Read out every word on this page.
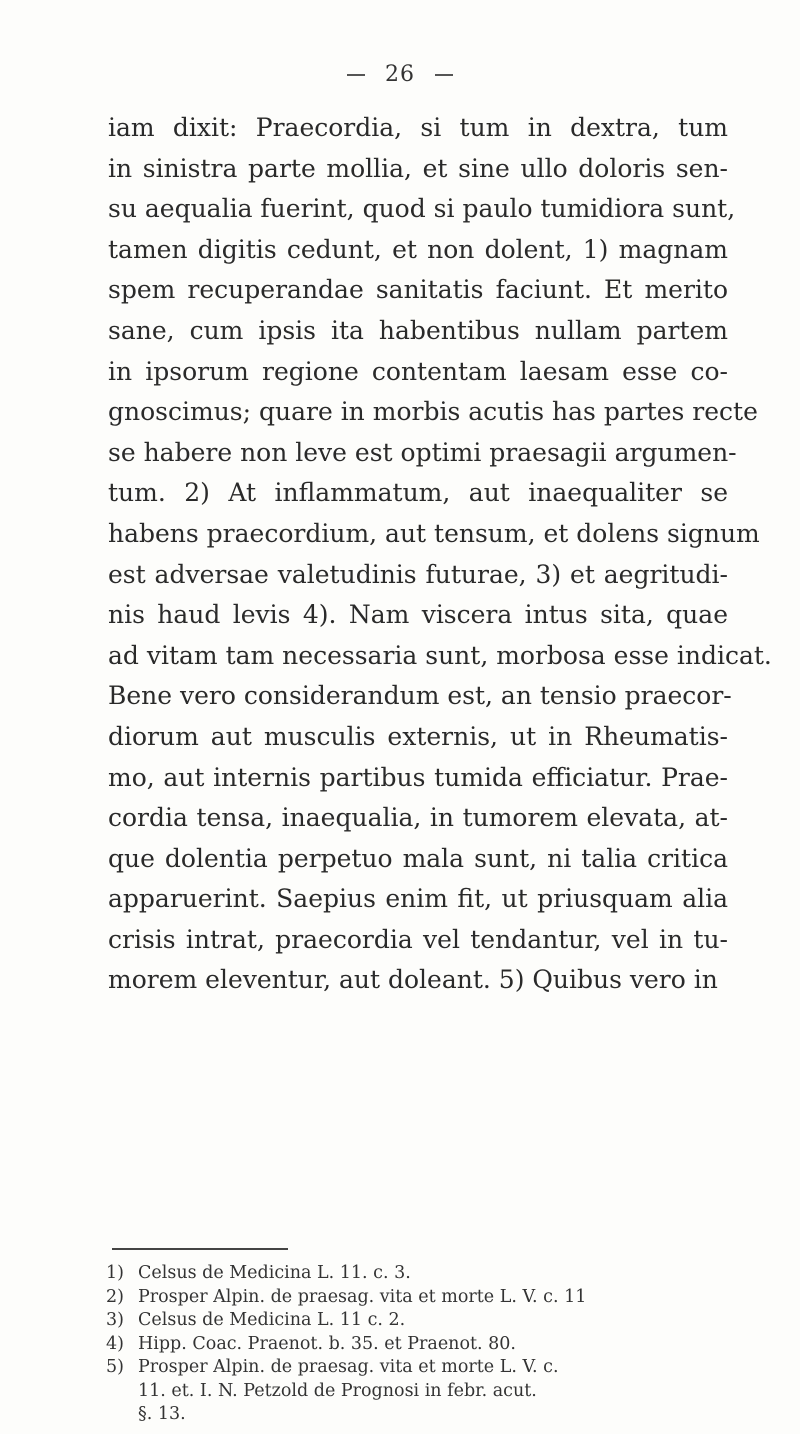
26
iam dixit: Praecordia, si tum in dextra, tum
in sinistra parte mollia, et sine ullo doloris sen-
su aequalia fuerint, quod si paulo tumidiora sunt,
tamen digitis cedunt, et non dolent, 1) magnam
spem recuperandae sanitatis faciunt. Et merito
sane, cum ipsis ita habentibus nullam partem
in ipsorum regione contentam laesam esse co-
gnoscimus; quare in morbis acutis has partes recte
se habere non leve est optimi praesagii argumen-
tum. 2) At inflammatum, aut inaequaliter se
habens praecordium, aut tensum, et dolens signum
est adversae valetudinis futurae, 3) et aegritudi-
nis haud levis 4). Nam viscera intus sita, quae
ad vitam tam necessaria sunt, morbosa esse indicat.
Bene vero considerandum est, an tensio praecor-
diorum aut musculis externis, ut in Rheumatis-
mo, aut internis partibus tumida efficiatur. Prae-
cordia tensa, inaequalia, in tumorem elevata, at-
que dolentia perpetuo mala sunt, ni talia critica
apparuerint. Saepius enim fit, ut priusquam alia
crisis intrat, praecordia vel tendantur, vel in tu-
morem eleventur, aut doleant. 5) Quibus vero in
1) Celsus de Medicina L. 11. c. 3.
2) Prosper Alpin. de praesag. vita et morte L. V. c. 11
3) Celsus de Medicina L. 11 c. 2.
4) Hipp. Coac. Praenot. b. 35. et Praenot. 80.
5) Prosper Alpin. de praesag. vita et morte L. V. c.
11. et. I. N. Petzold de Prognosi in febr. acut.
§. 13.
